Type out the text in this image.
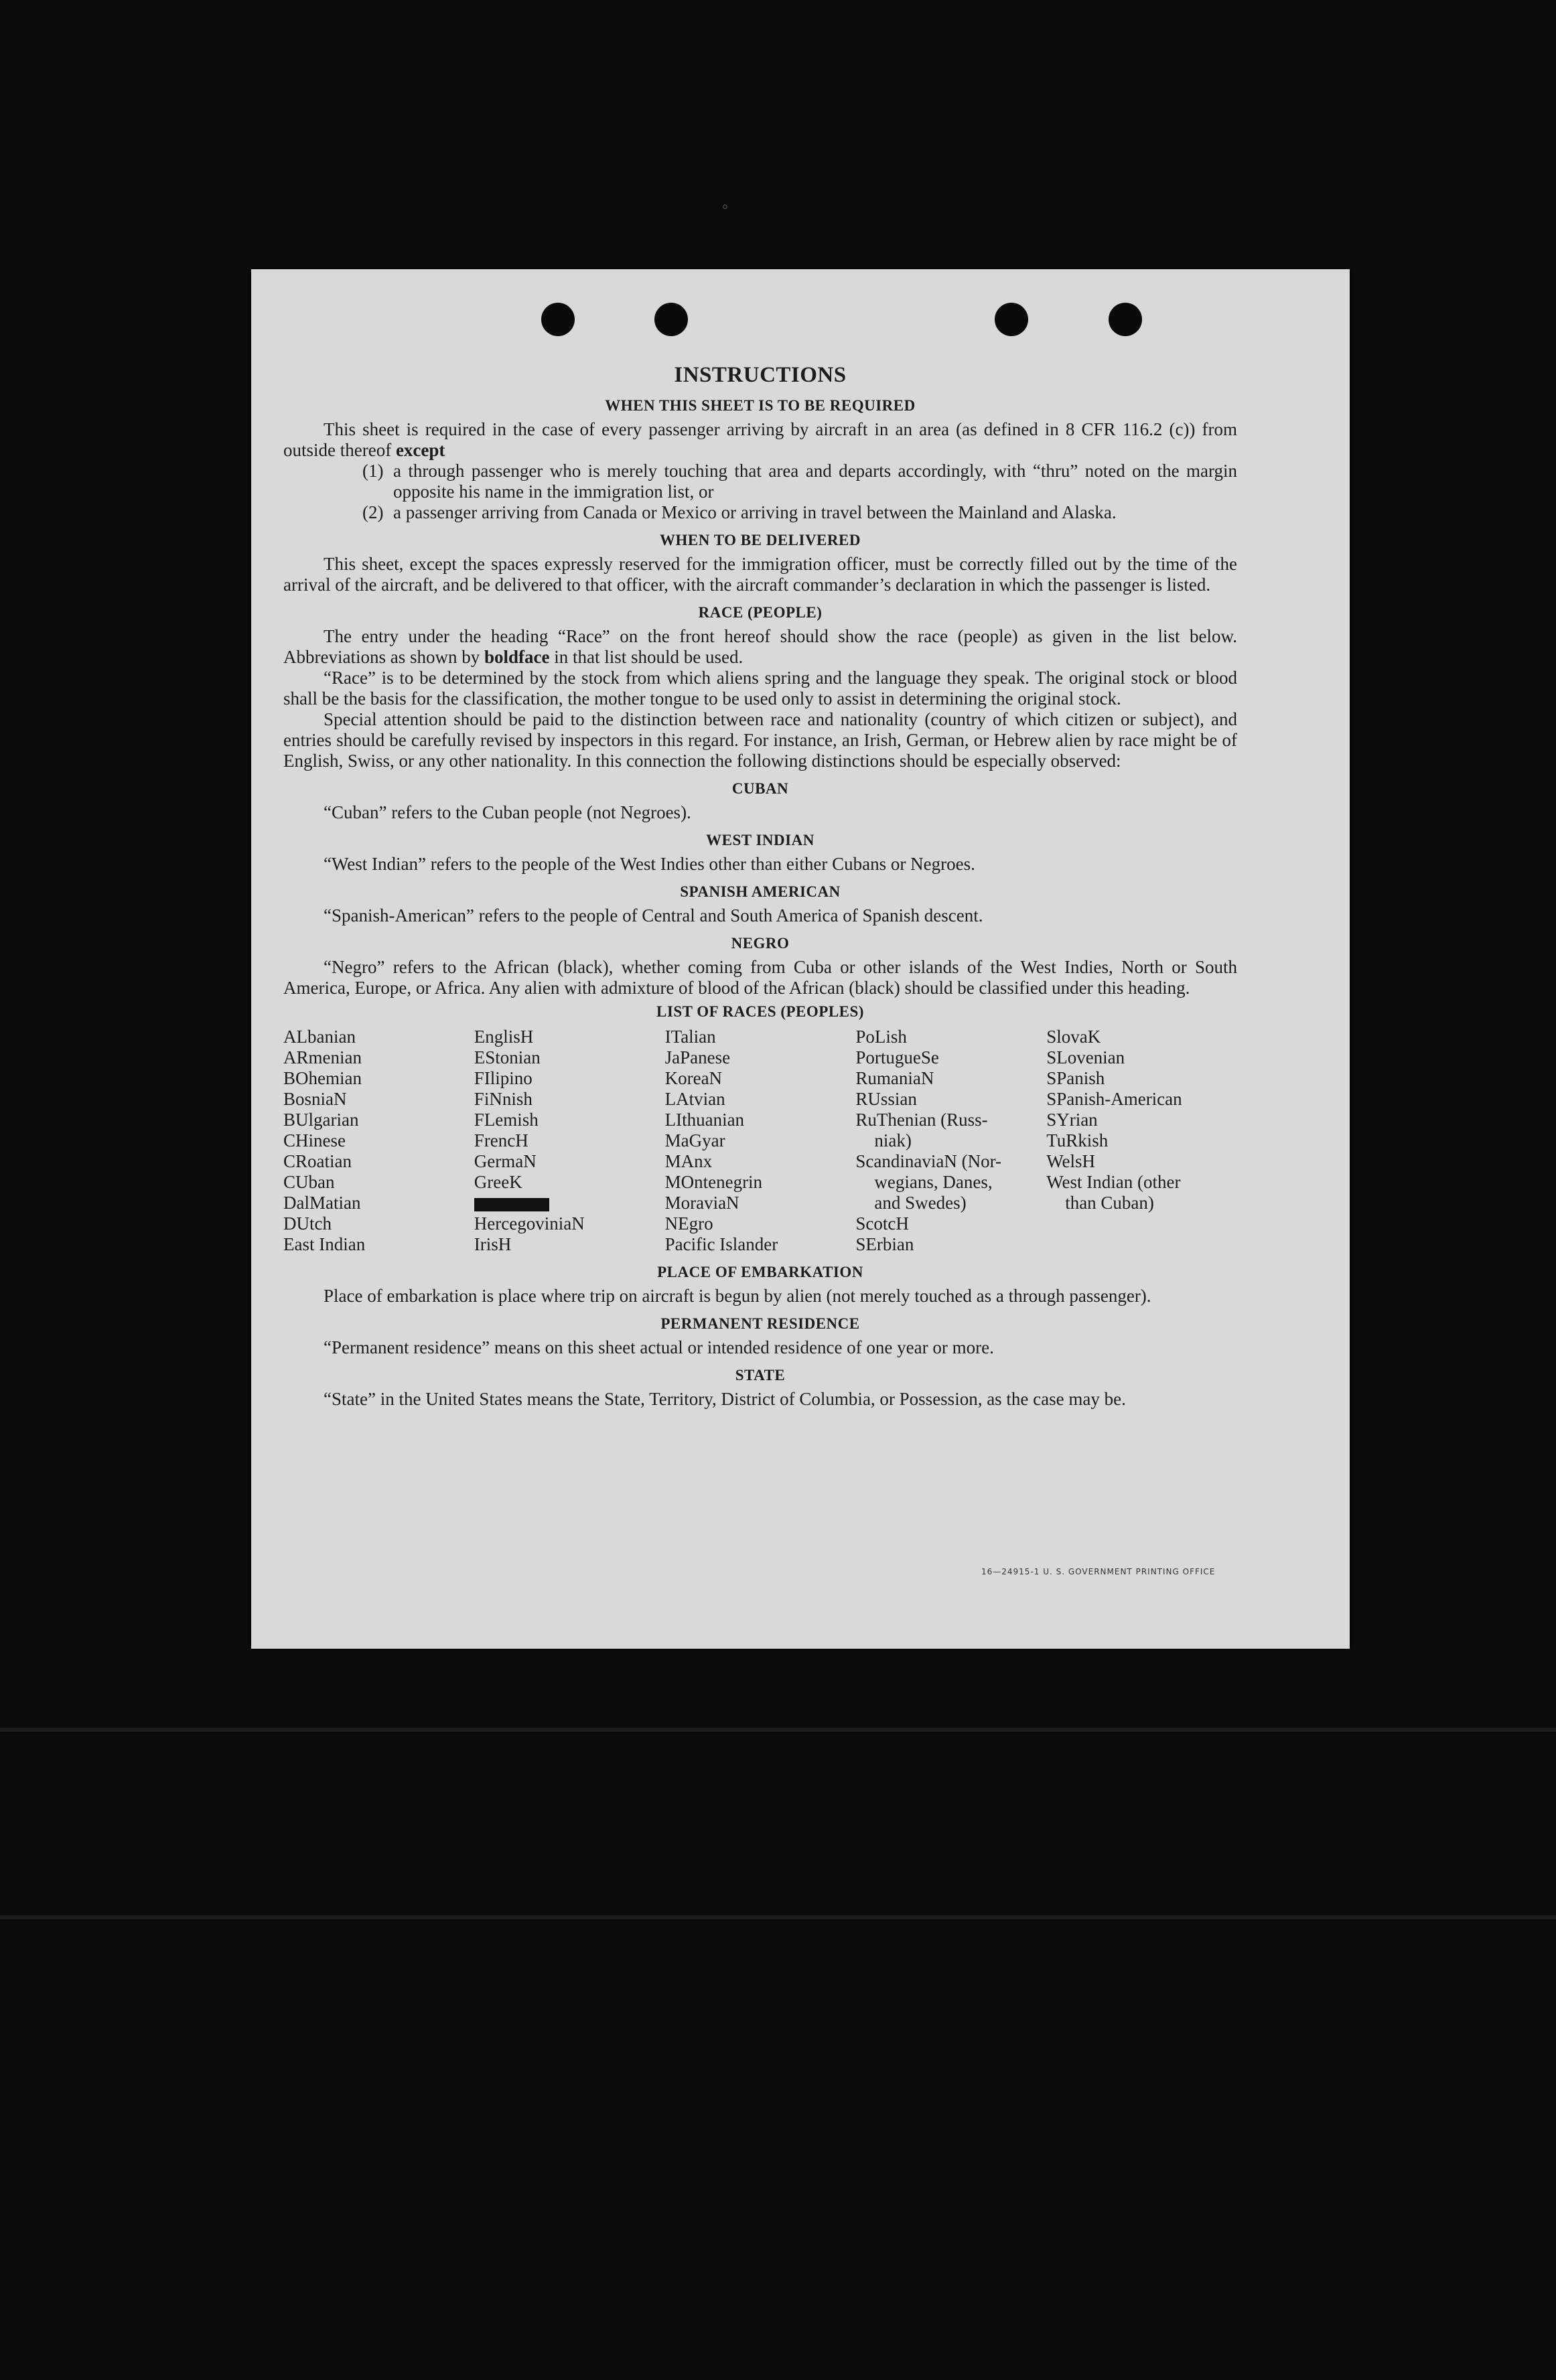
°
INSTRUCTIONS
WHEN THIS SHEET IS TO BE REQUIRED

This sheet is required in the case of every passenger arriving by aircraft in an area (as defined in 8 CFR 116.2 (c)) from outside thereof except

(1) a through passenger who is merely touching that area and departs accordingly, with “thru” noted on the margin opposite his name in the immigration list, or
(2) a passenger arriving from Canada or Mexico or arriving in travel between the Mainland and Alaska.
WHEN TO BE DELIVERED

This sheet, except the spaces expressly reserved for the immigration officer, must be correctly filled out by the time of the arrival of the aircraft, and be delivered to that officer, with the aircraft commander’s declaration in which the passenger is listed.

RACE (PEOPLE)

The entry under the heading “Race” on the front hereof should show the race (people) as given in the list below. Abbreviations as shown by boldface in that list should be used.

“Race” is to be determined by the stock from which aliens spring and the language they speak. The original stock or blood shall be the basis for the classification, the mother tongue to be used only to assist in determining the original stock.

Special attention should be paid to the distinction between race and nationality (country of which citizen or subject), and entries should be carefully revised by inspectors in this regard. For instance, an Irish, German, or Hebrew alien by race might be of English, Swiss, or any other nationality. In this connection the following distinctions should be especially observed:

CUBAN

“Cuban” refers to the Cuban people (not Negroes).

WEST INDIAN

“West Indian” refers to the people of the West Indies other than either Cubans or Negroes.

SPANISH AMERICAN

“Spanish-American” refers to the people of Central and South America of Spanish descent.

NEGRO

“Negro” refers to the African (black), whether coming from Cuba or other islands of the West Indies, North or South America, Europe, or Africa. Any alien with admixture of blood of the African (black) should be classified under this heading.

LIST OF RACES (PEOPLES)
ALbanian
ARmenian
BOhemian
BosniaN
BUlgarian
CHinese
CRoatian
CUban
DalMatian
DUtch
East Indian
EnglisH
EStonian
FIlipino
FiNnish
FLemish
FrencH
GermaN
GreeK
HercegoviniaN
IrisH
ITalian
JaPanese
KoreaN
LAtvian
LIthuanian
MaGyar
MAnx
MOntenegrin
MoraviaN
NEgro
Pacific Islander
PoLish
PortugueSe
RumaniaN
RUssian
RuThenian (Russ-
niak)
ScandinaviaN (Nor-
wegians, Danes,
and Swedes)
ScotcH
SErbian
SlovaK
SLovenian
SPanish
SPanish-American
SYrian
TuRkish
WelsH
West Indian (other
than Cuban)
PLACE OF EMBARKATION

Place of embarkation is place where trip on aircraft is begun by alien (not merely touched as a through passenger).

PERMANENT RESIDENCE

“Permanent residence” means on this sheet actual or intended residence of one year or more.

STATE

“State” in the United States means the State, Territory, District of Columbia, or Possession, as the case may be.

16—24915-1 U. S. GOVERNMENT PRINTING OFFICE
